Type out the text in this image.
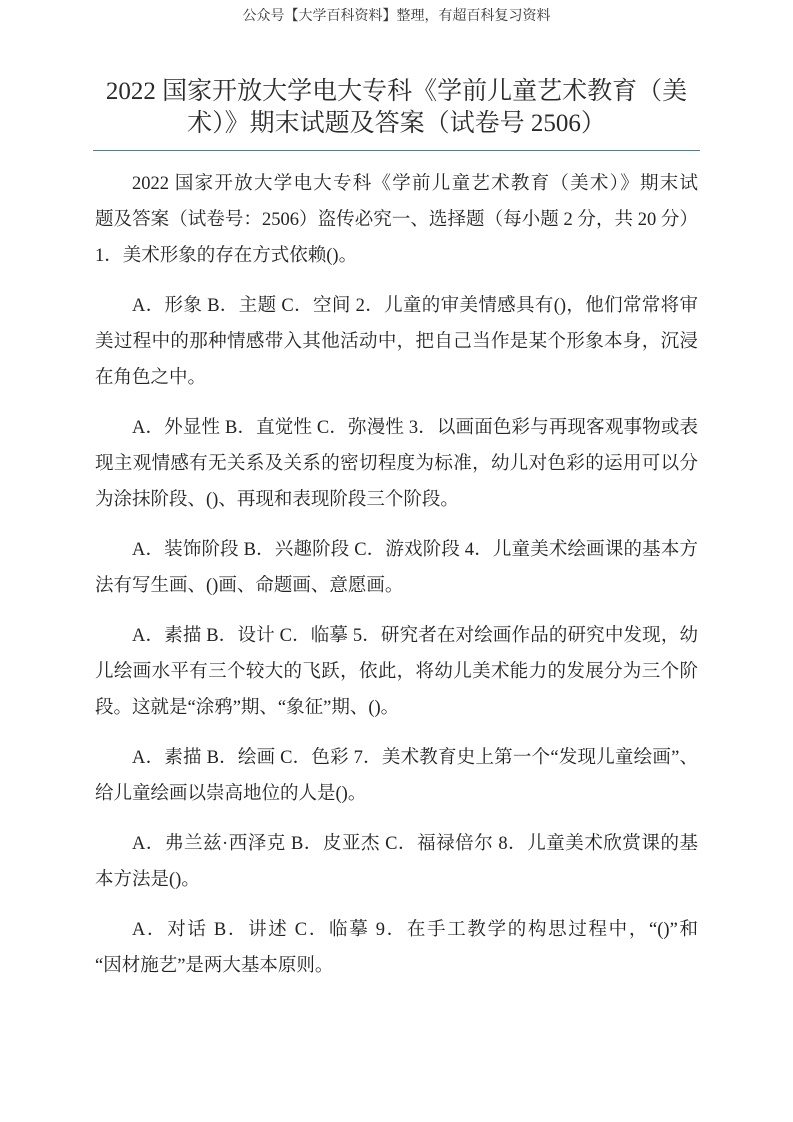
公众号【大学百科资料】整理，有超百科复习资料
2022 国家开放大学电大专科《学前儿童艺术教育（美
术）》期末试题及答案（试卷号 2506）
2022 国家开放大学电大专科《学前儿童艺术教育（美术）》期末试
题及答案（试卷号：2506）盗传必究一、选择题（每小题 2 分，共 20 分）
1．美术形象的存在方式依赖()。
A．形象 B．主题 C．空间 2．儿童的审美情感具有()，他们常常将审
美过程中的那种情感带入其他活动中，把自己当作是某个形象本身，沉浸
在角色之中。
A．外显性 B．直觉性 C．弥漫性 3．以画面色彩与再现客观事物或表
现主观情感有无关系及关系的密切程度为标准，幼儿对色彩的运用可以分
为涂抹阶段、()、再现和表现阶段三个阶段。
A．装饰阶段 B．兴趣阶段 C．游戏阶段 4．儿童美术绘画课的基本方
法有写生画、()画、命题画、意愿画。
A．素描 B．设计 C．临摹 5．研究者在对绘画作品的研究中发现，幼
儿绘画水平有三个较大的飞跃，依此，将幼儿美术能力的发展分为三个阶
段。这就是“涂鸦”期、“象征”期、()。
A．素描 B．绘画 C．色彩 7．美术教育史上第一个“发现儿童绘画”、
给儿童绘画以崇高地位的人是()。
A．弗兰兹·西泽克 B．皮亚杰 C．福禄倍尔 8．儿童美术欣赏课的基
本方法是()。
A．对话 B．讲述 C．临摹 9．在手工教学的构思过程中，“()”和
“因材施艺”是两大基本原则。
